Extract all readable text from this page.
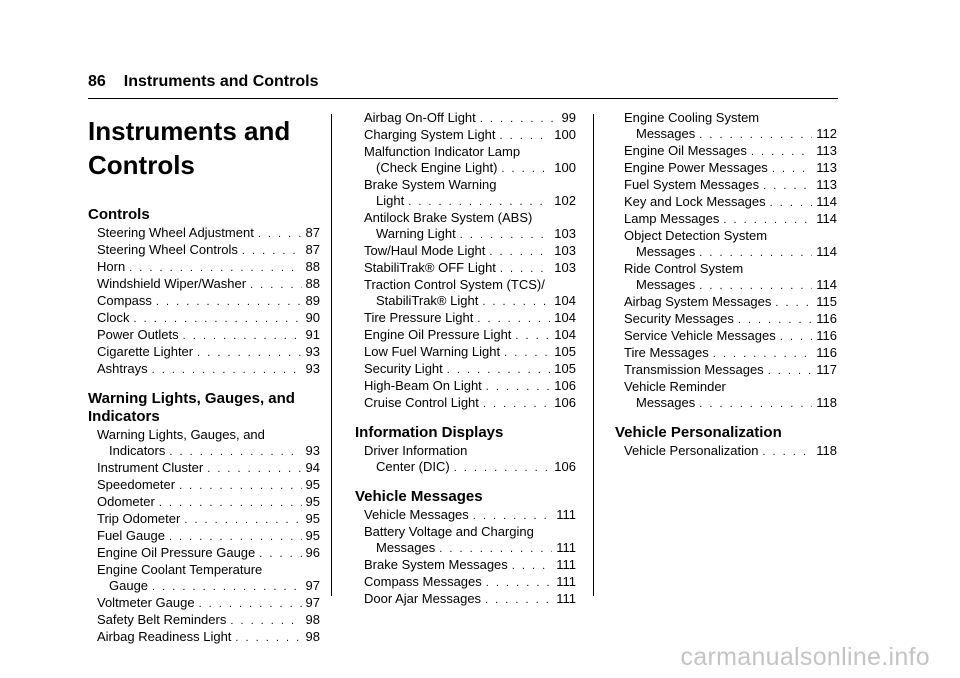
86 Instruments and Controls
Instruments and
Controls
Controls
Steering Wheel Adjustment . . .	87
Steering Wheel Controls . . .	87
Horn . . .	88
Windshield Wiper/Washer . . .	88
Compass . . .	89
Clock . . .	90
Power Outlets . . .	91
Cigarette Lighter . . .	93
Ashtrays . . .	93
Warning Lights, Gauges, and
Indicators
Warning Lights, Gauges, and
Indicators . . .	93
Instrument Cluster . . .	94
Speedometer . . .	95
Odometer . . .	95
Trip Odometer . . .	95
Fuel Gauge . . .	95
Engine Oil Pressure Gauge . . .	96
Engine Coolant Temperature
Gauge . . .	97
Voltmeter Gauge . . .	97
Safety Belt Reminders . . .	98
Airbag Readiness Light . . .	98
Airbag On-Off Light . . .	99
Charging System Light . . .	100
Malfunction Indicator Lamp
(Check Engine Light) . . .	100
Brake System Warning
Light . . .	102
Antilock Brake System (ABS)
Warning Light . . .	103
Tow/Haul Mode Light . . .	103
StabiliTrak® OFF Light . . .	103
Traction Control System (TCS)/
StabiliTrak® Light . . .	104
Tire Pressure Light . . .	104
Engine Oil Pressure Light . . .	104
Low Fuel Warning Light . . .	105
Security Light . . .	105
High-Beam On Light . . .	106
Cruise Control Light . . .	106
Information Displays
Driver Information
Center (DIC) . . .	106
Vehicle Messages
Vehicle Messages . . .	111
Battery Voltage and Charging
Messages . . .	111
Brake System Messages . . .	111
Compass Messages . . .	111
Door Ajar Messages . . .	111
Engine Cooling System
Messages . . .	112
Engine Oil Messages . . .	113
Engine Power Messages . . .	113
Fuel System Messages . . .	113
Key and Lock Messages . . .	114
Lamp Messages . . .	114
Object Detection System
Messages . . .	114
Ride Control System
Messages . . .	114
Airbag System Messages . . .	115
Security Messages . . .	116
Service Vehicle Messages . . .	116
Tire Messages . . .	116
Transmission Messages . . .	117
Vehicle Reminder
Messages . . .	118
Vehicle Personalization
Vehicle Personalization . . .	118
carmanualsonline.info
